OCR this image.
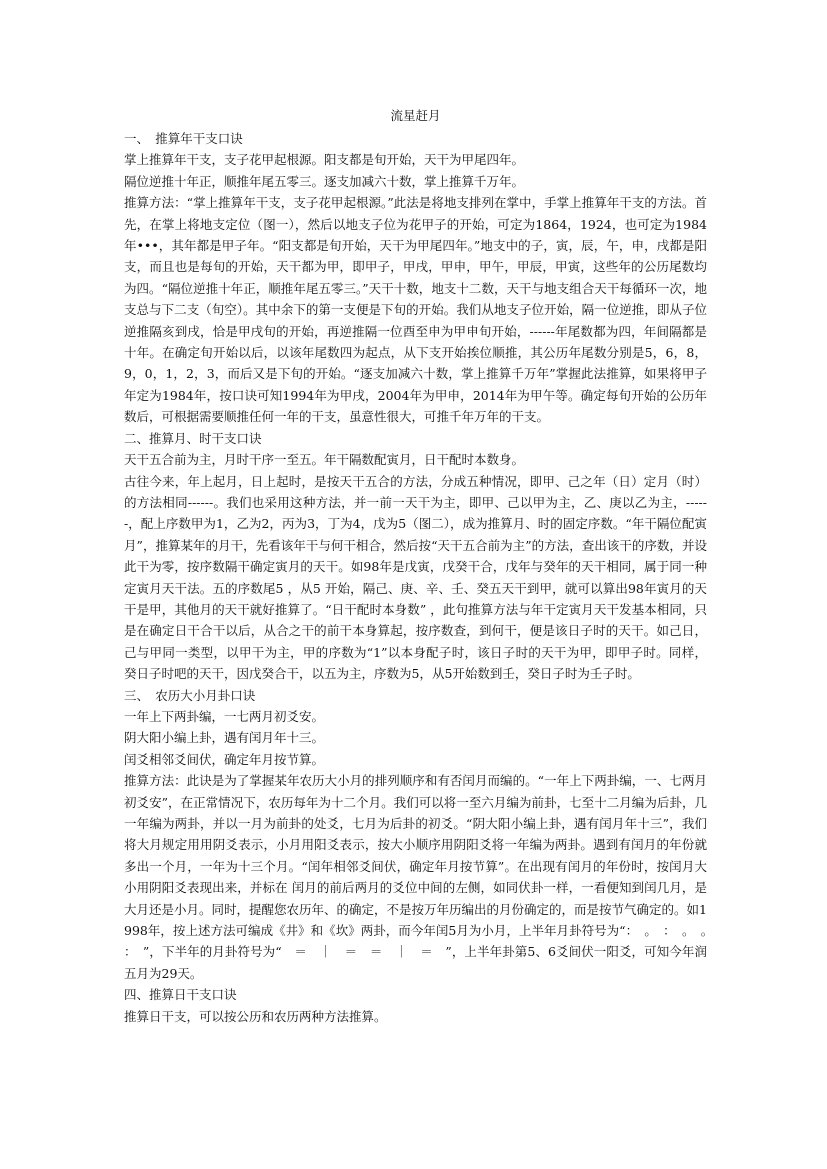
流星赶月

一、　推算年干支口诀

掌上推算年干支，支子花甲起根源。阳支都是旬开始，天干为甲尾四年。

隔位逆推十年正，顺推年尾五零三。逐支加减六十数，掌上推算千万年。

推算方法：“掌上推算年干支，支子花甲起根源。”此法是将地支排列在掌中，手掌上推算年干支的方法。首先，在掌上将地支定位（图一），然后以地支子位为花甲子的开始，可定为1864，1924，也可定为1984年•••，其年都是甲子年。“阳支都是旬开始，天干为甲尾四年。”地支中的子，寅，辰，午，申，戌都是阳支，而且也是每旬的开始，天干都为甲，即甲子，甲戌，甲申，甲午，甲辰，甲寅，这些年的公历尾数均为四。“隔位逆推十年正，顺推年尾五零三。”天干十数，地支十二数，天干与地支组合天干每循环一次，地支总与下二支（旬空）。其中余下的第一支便是下旬的开始。我们从地支子位开始，隔一位逆推，即从子位逆推隔亥到戌，恰是甲戌旬的开始，再逆推隔一位酉至申为甲申旬开始，------年尾数都为四，年间隔都是十年。在确定旬开始以后，以该年尾数四为起点，从下支开始挨位顺推，其公历年尾数分别是5，6，8，9，0，1，2，3，而后又是下旬的开始。“逐支加减六十数，掌上推算千万年”掌握此法推算，如果将甲子年定为1984年，按口诀可知1994年为甲戌，2004年为甲申，2014年为甲午等。确定每旬开始的公历年数后，可根据需要顺推任何一年的干支，虽意性很大，可推千年万年的干支。

二、推算月、时干支口诀

天干五合前为主，月时干序一至五。年干隔数配寅月，日干配时本数身。

古往今来，年上起月，日上起时，是按天干五合的方法，分成五种情况，即甲、己之年（日）定月（时）的方法相同------。我们也采用这种方法，并一前一天干为主，即甲、己以甲为主，乙、庚以乙为主，------，配上序数甲为1，乙为2，丙为3，丁为4，戊为5（图二），成为推算月、时的固定序数。“年干隔位配寅月”，推算某年的月干，先看该年干与何干相合，然后按“天干五合前为主”的方法，查出该干的序数，并设此干为零，按序数隔干确定寅月的天干。如98年是戊寅，戊癸干合，戊年与癸年的天干相同，属于同一种定寅月天干法。五的序数尾5 ，从5 开始，隔己、庚、辛、壬、癸五天干到甲，就可以算出98年寅月的天干是甲，其他月的天干就好推算了。“日干配时本身数” ，此句推算方法与年干定寅月天干发基本相同，只是在确定日干合干以后，从合之干的前干本身算起，按序数查，到何干，便是该日子时的天干。如己日，己与甲同一类型，以甲干为主，甲的序数为“1”以本身配子时，该日子时的天干为甲，即甲子时。同样，癸日子时吧的天干，因戊癸合干，以五为主，序数为5，从5开始数到壬，癸日子时为壬子时。

三、　农历大小月卦口诀

一年上下两卦编，一七两月初爻安。

阴大阳小编上卦，遇有闰月年十三。

闰爻相邻爻间伏，确定年月按节算。

推算方法：此诀是为了掌握某年农历大小月的排列顺序和有否闰月而编的。“一年上下两卦编，一、七两月初爻安”，在正常情况下，农历每年为十二个月。我们可以将一至六月编为前卦，七至十二月编为后卦，几一年编为两卦，并以一月为前卦的处爻，七月为后卦的初爻。“阴大阳小编上卦，遇有闰月年十三”，我们将大月规定用用阴爻表示，小月用阳爻表示，按大小顺序用阴阳爻将一年编为两卦。遇到有闰月的年份就多出一个月，一年为十三个月。“闰年相邻爻间伏，确定年月按节算”。在出现有闰月的年份时，按闰月大小用阴阳爻表现出来，并标在 闰月的前后两月的爻位中间的左侧，如同伏卦一样，一看便知到闰几月，是大月还是小月。同时，提醒您农历年、的确定，不是按万年历编出的月份确定的，而是按节气确定的。如1998年，按上述方法可编成《井》和《坎》两卦，而今年闰5月为小月，上半年月卦符号为“：　。　：　。　。　：　”，下半年的月卦符号为“　＝　｜　＝　＝　｜　＝　”，上半年卦第5、6爻间伏一阳爻，可知今年润五月为29天。

四、推算日干支口诀

推算日干支，可以按公历和农历两种方法推算。
